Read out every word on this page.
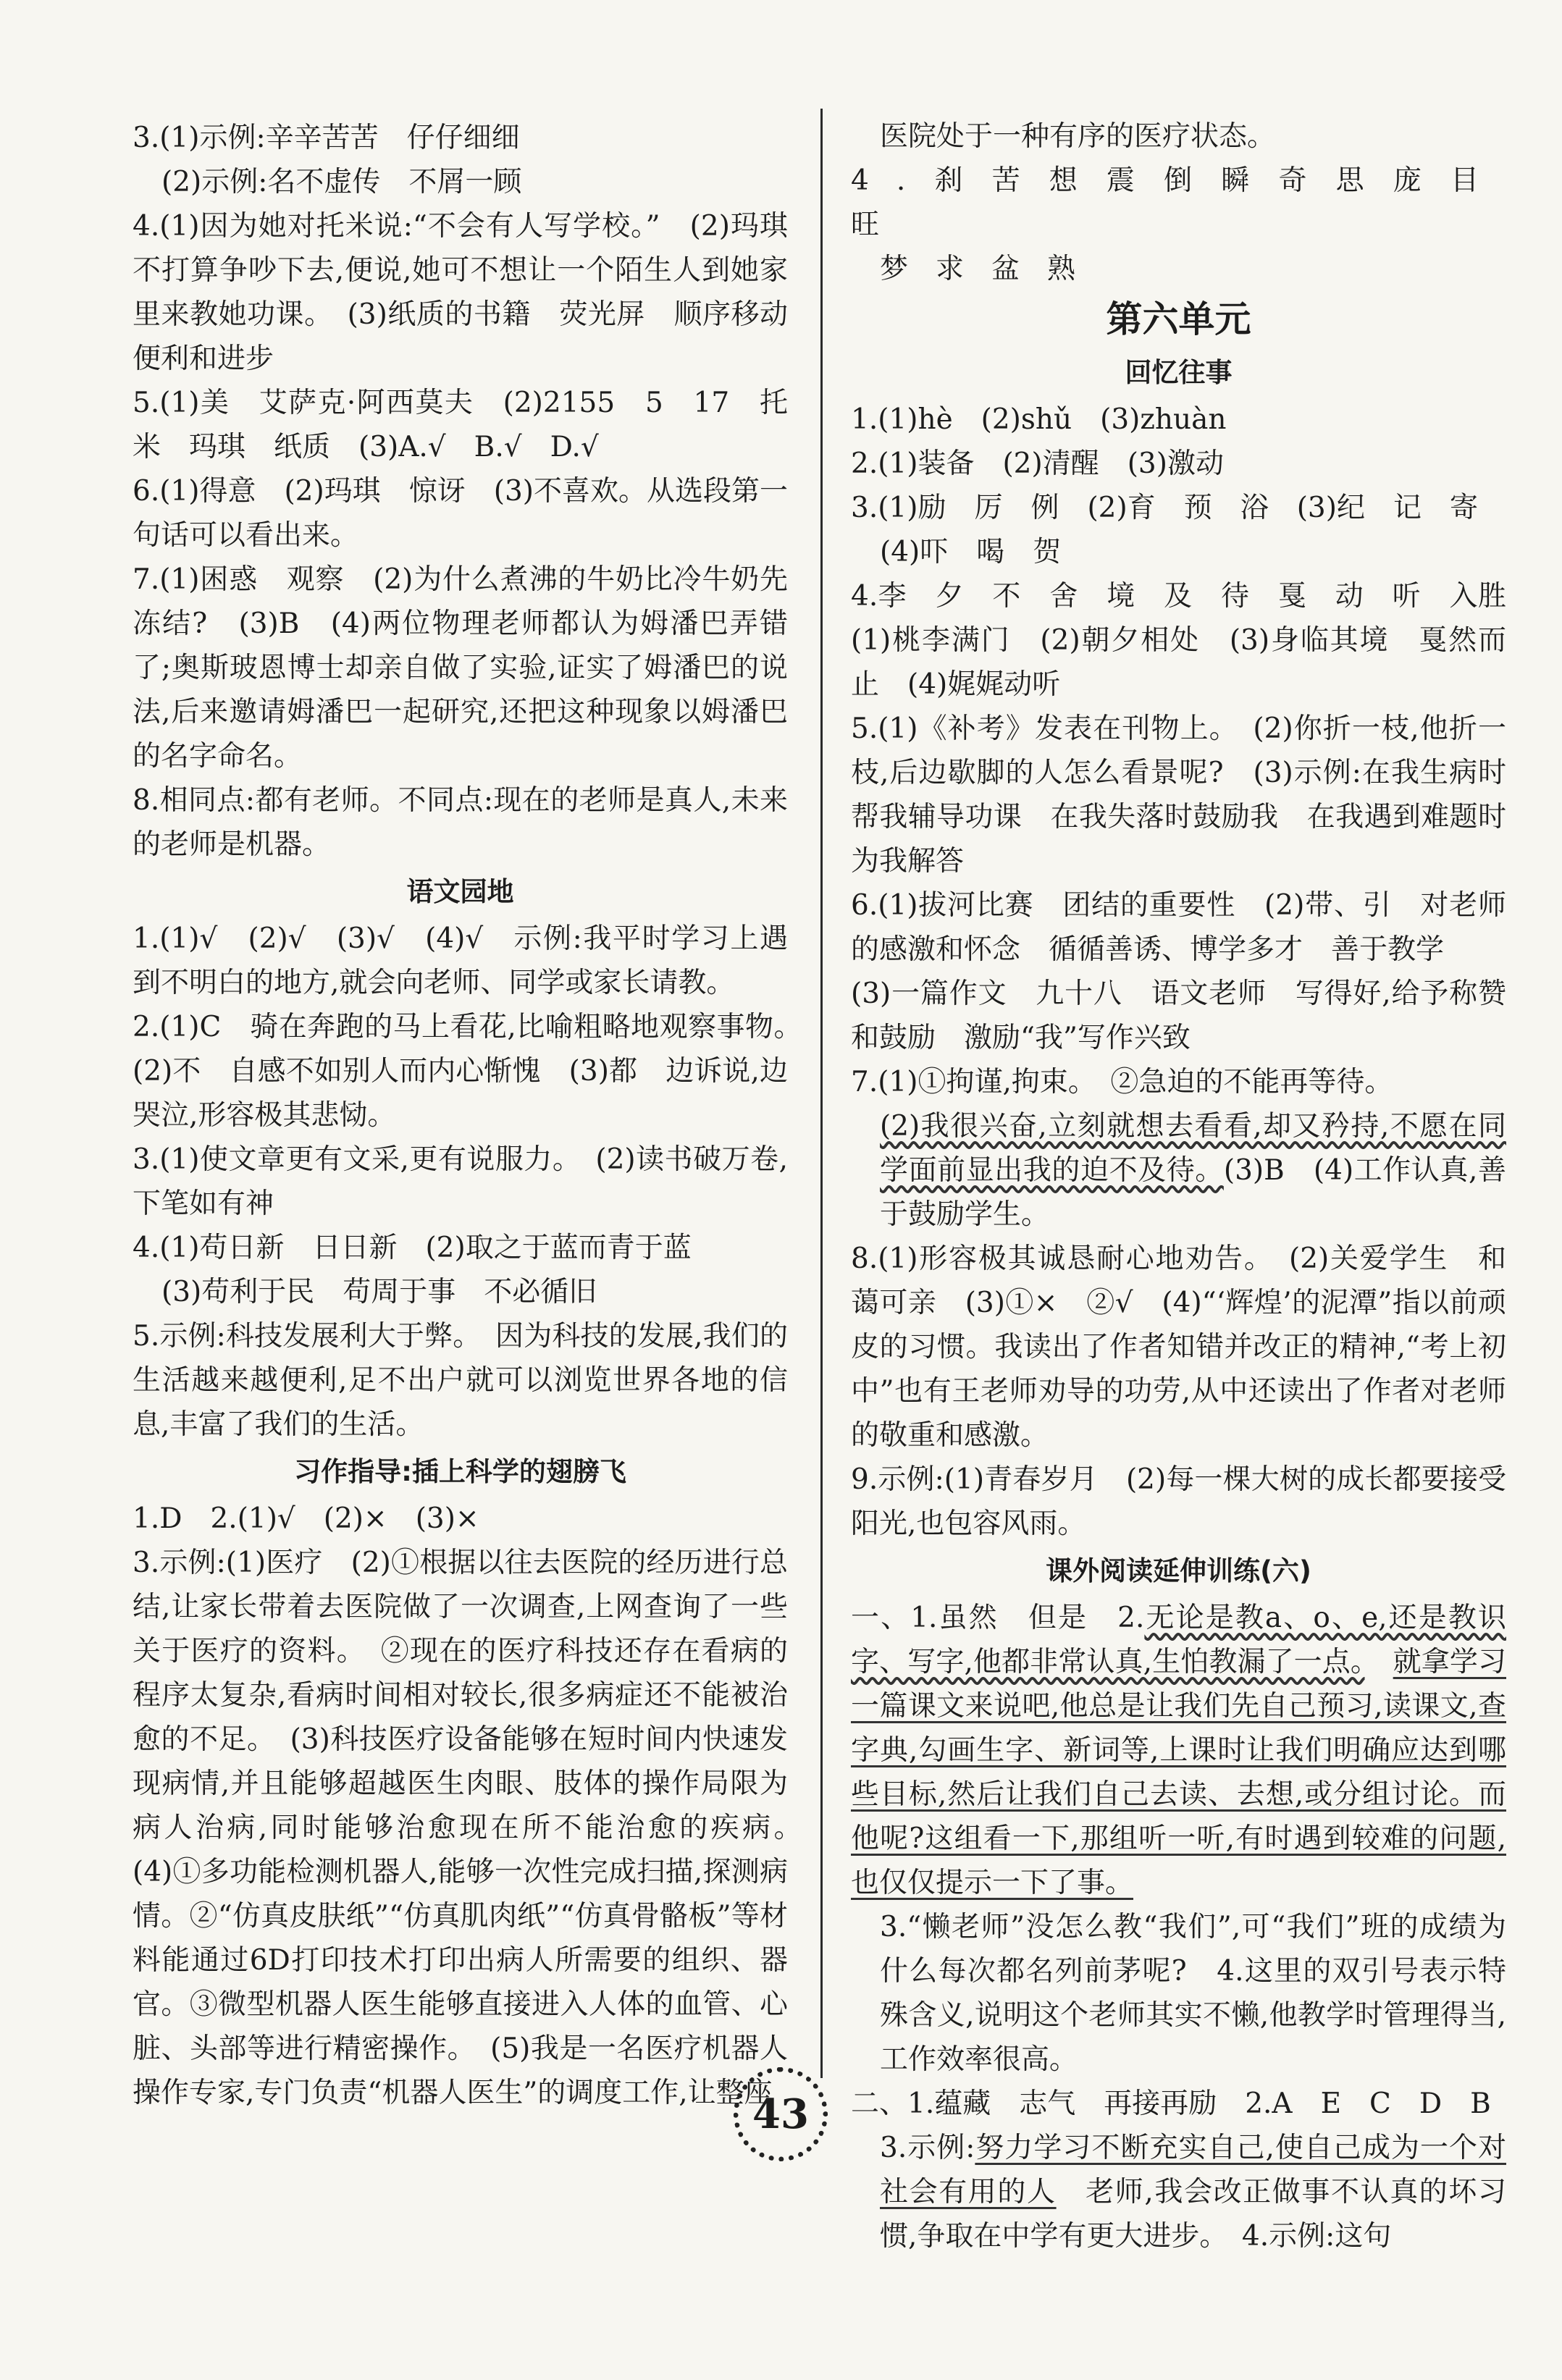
3.(1)示例:辛辛苦苦　仔仔细细

(2)示例:名不虚传　不屑一顾

4.(1)因为她对托米说:“不会有人写学校。”　(2)玛琪不打算争吵下去,便说,她可不想让一个陌生人到她家里来教她功课。　(3)纸质的书籍　荧光屏　顺序移动　便利和进步

5.(1)美　艾萨克·阿西莫夫　(2)2155　5　17　托米　玛琪　纸质　(3)A.√　B.√　D.√

6.(1)得意　(2)玛琪　惊讶　(3)不喜欢。从选段第一句话可以看出来。

7.(1)困惑　观察　(2)为什么煮沸的牛奶比冷牛奶先冻结?　(3)B　(4)两位物理老师都认为姆潘巴弄错了;奥斯玻恩博士却亲自做了实验,证实了姆潘巴的说法,后来邀请姆潘巴一起研究,还把这种现象以姆潘巴的名字命名。

8.相同点:都有老师。不同点:现在的老师是真人,未来的老师是机器。

语文园地

1.(1)√　(2)√　(3)√　(4)√　示例:我平时学习上遇到不明白的地方,就会向老师、同学或家长请教。

2.(1)C　骑在奔跑的马上看花,比喻粗略地观察事物。　(2)不　自感不如别人而内心惭愧　(3)都　边诉说,边哭泣,形容极其悲恸。

3.(1)使文章更有文采,更有说服力。　(2)读书破万卷,下笔如有神

4.(1)苟日新　日日新　(2)取之于蓝而青于蓝

(3)苟利于民　苟周于事　不必循旧

5.示例:科技发展利大于弊。　因为科技的发展,我们的生活越来越便利,足不出户就可以浏览世界各地的信息,丰富了我们的生活。

习作指导:插上科学的翅膀飞

1.D　2.(1)√　(2)×　(3)×

3.示例:(1)医疗　(2)①根据以往去医院的经历进行总结,让家长带着去医院做了一次调查,上网查询了一些关于医疗的资料。　②现在的医疗科技还存在看病的程序太复杂,看病时间相对较长,很多病症还不能被治愈的不足。　(3)科技医疗设备能够在短时间内快速发现病情,并且能够超越医生肉眼、肢体的操作局限为病人治病,同时能够治愈现在所不能治愈的疾病。　(4)①多功能检测机器人,能够一次性完成扫描,探测病情。②“仿真皮肤纸”“仿真肌肉纸”“仿真骨骼板”等材料能通过6D打印技术打印出病人所需要的组织、器官。③微型机器人医生能够直接进入人体的血管、心脏、头部等进行精密操作。　(5)我是一名医疗机器人操作专家,专门负责“机器人医生”的调度工作,让整座

医院处于一种有序的医疗状态。

4.刹苦想震倒瞬奇思庞目旺

梦求盆熟

第六单元
回忆往事

1.(1)hè　(2)shǔ　(3)zhuàn

2.(1)装备　(2)清醒　(3)激动

3.(1)励　厉　例　(2)育　预　浴　(3)纪　记　寄

(4)吓　喝　贺

4.李　夕　不　舍　境　及　待　戛　动　听　入胜　(1)桃李满门　(2)朝夕相处　(3)身临其境　戛然而止　(4)娓娓动听

5.(1)《补考》发表在刊物上。　(2)你折一枝,他折一枝,后边歇脚的人怎么看景呢?　(3)示例:在我生病时帮我辅导功课　在我失落时鼓励我　在我遇到难题时为我解答

6.(1)拔河比赛　团结的重要性　(2)带、引　对老师的感激和怀念　循循善诱、博学多才　善于教学

(3)一篇作文　九十八　语文老师　写得好,给予称赞和鼓励　激励“我”写作兴致

7.(1)①拘谨,拘束。　②急迫的不能再等待。

(2)我很兴奋,立刻就想去看看,却又矜持,不愿在同学面前显出我的迫不及待。(3)B　(4)工作认真,善于鼓励学生。

8.(1)形容极其诚恳耐心地劝告。　(2)关爱学生　和蔼可亲　(3)①×　②√　(4)“‘辉煌’的泥潭”指以前顽皮的习惯。我读出了作者知错并改正的精神,“考上初中”也有王老师劝导的功劳,从中还读出了作者对老师的敬重和感激。

9.示例:(1)青春岁月　(2)每一棵大树的成长都要接受阳光,也包容风雨。

课外阅读延伸训练(六)

一、1.虽然　但是　2.无论是教a、o、e,还是教识字、写字,他都非常认真,生怕教漏了一点。　 就拿学习一篇课文来说吧,他总是让我们先自己预习,读课文,查字典,勾画生字、新词等,上课时让我们明确应达到哪些目标,然后让我们自己去读、去想,或分组讨论。而他呢?这组看一下,那组听一听,有时遇到较难的问题,也仅仅提示一下了事。

3.“懒老师”没怎么教“我们”,可“我们”班的成绩为什么每次都名列前茅呢?　4.这里的双引号表示特殊含义,说明这个老师其实不懒,他教学时管理得当,工作效率很高。

二、1.蕴藏　志气　再接再励　2.A　E　C　D　B

3.示例:努力学习不断充实自己,使自己成为一个对社会有用的人　老师,我会改正做事不认真的坏习惯,争取在中学有更大进步。　4.示例:这句

43
